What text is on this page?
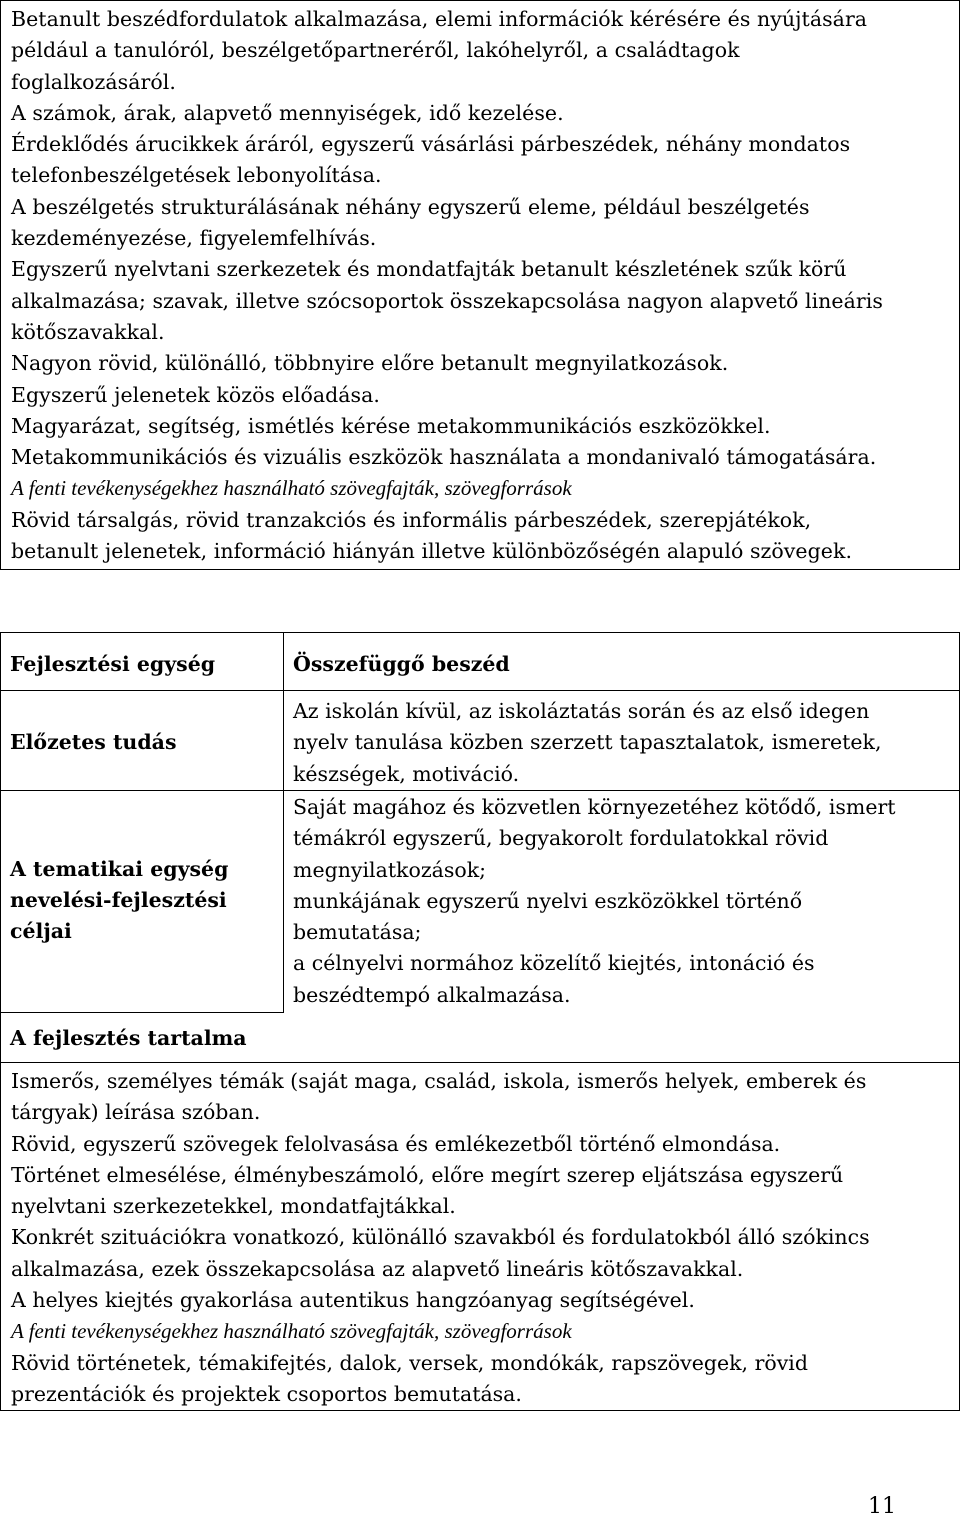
Betanult beszédfordulatok alkalmazása, elemi információk kérésére és nyújtására

például a tanulóról, beszélgetőpartneréről, lakóhelyről, a családtagok

foglalkozásáról.

A számok, árak, alapvető mennyiségek, idő kezelése.

Érdeklődés árucikkek áráról, egyszerű vásárlási párbeszédek, néhány mondatos

telefonbeszélgetések lebonyolítása.

A beszélgetés strukturálásának néhány egyszerű eleme, például beszélgetés

kezdeményezése, figyelemfelhívás.

Egyszerű nyelvtani szerkezetek és mondatfajták betanult készletének szűk körű

alkalmazása; szavak, illetve szócsoportok összekapcsolása nagyon alapvető lineáris

kötőszavakkal.

Nagyon rövid, különálló, többnyire előre betanult megnyilatkozások.

Egyszerű jelenetek közös előadása.

Magyarázat, segítség, ismétlés kérése metakommunikációs eszközökkel.

Metakommunikációs és vizuális eszközök használata a mondanivaló támogatására.

A fenti tevékenységekhez használható szövegfajták, szövegforrások

Rövid társalgás, rövid tranzakciós és informális párbeszédek, szerepjátékok,

betanult jelenetek, információ hiányán illetve különbözőségén alapuló szövegek.

Fejlesztési egység	Összefüggő beszéd

Előzetes tudás

Az iskolán kívül, az iskoláztatás során és az első idegen

nyelv tanulása közben szerzett tapasztalatok, ismeretek,

készségek, motiváció.

A tematikai egység

nevelési-fejlesztési

céljai

Saját magához és közvetlen környezetéhez kötődő, ismert

témákról egyszerű, begyakorolt fordulatokkal rövid

megnyilatkozások;

munkájának egyszerű nyelvi eszközökkel történő

bemutatása;

a célnyelvi normához közelítő kiejtés, intonáció és

beszédtempó alkalmazása.

A fejlesztés tartalma

Ismerős, személyes témák (saját maga, család, iskola, ismerős helyek, emberek és

tárgyak) leírása szóban.

Rövid, egyszerű szövegek felolvasása és emlékezetből történő elmondása.

Történet elmesélése, élménybeszámoló, előre megírt szerep eljátszása egyszerű

nyelvtani szerkezetekkel, mondatfajtákkal.

Konkrét szituációkra vonatkozó, különálló szavakból és fordulatokból álló szókincs

alkalmazása, ezek összekapcsolása az alapvető lineáris kötőszavakkal.

A helyes kiejtés gyakorlása autentikus hangzóanyag segítségével.

A fenti tevékenységekhez használható szövegfajták, szövegforrások

Rövid történetek, témakifejtés, dalok, versek, mondókák, rapszövegek, rövid

prezentációk és projektek csoportos bemutatása.

11
